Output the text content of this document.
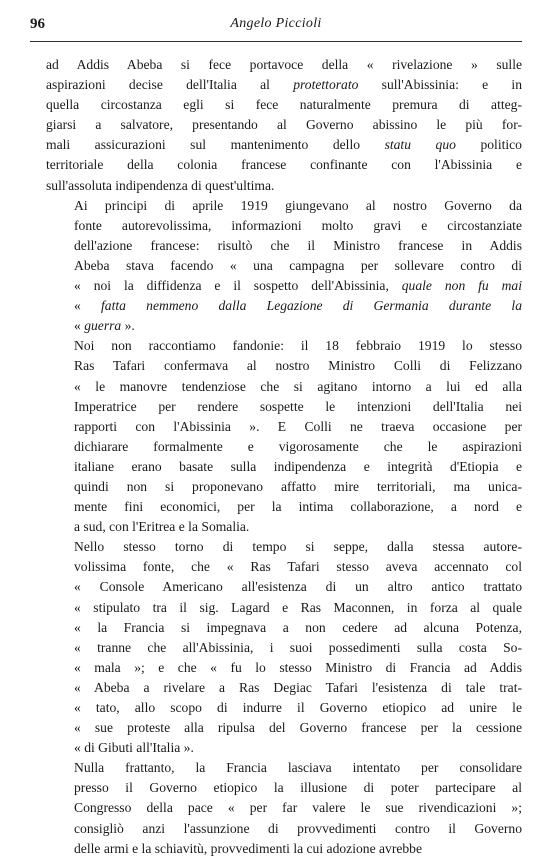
96	Angelo Piccioli
ad Addis Abeba si fece portavoce della « rivelazione » sulle
aspirazioni decise dell'Italia al protettorato sull'Abissinia: e in
quella circostanza egli si fece naturalmente premura di atteg-
giarsi a salvatore, presentando al Governo abissino le più for-
mali assicurazioni sul mantenimento dello statu quo politico
territoriale della colonia francese confinante con l'Abissinia e
sull'assoluta indipendenza di quest'ultima.
Ai principi di aprile 1919 giungevano al nostro Governo da
fonte autorevolissima, informazioni molto gravi e circostanziate
dell'azione francese: risultò che il Ministro francese in Addis
Abeba stava facendo « una campagna per sollevare contro di
« noi la diffidenza e il sospetto dell'Abissinia, quale non fu mai
« fatta nemmeno dalla Legazione di Germania durante la
« guerra ».
Noi non raccontiamo fandonie: il 18 febbraio 1919 lo stesso
Ras Tafari confermava al nostro Ministro Colli di Felizzano
« le manovre tendenziose che si agitano intorno a lui ed alla
Imperatrice per rendere sospette le intenzioni dell'Italia nei
rapporti con l'Abissinia ». E Colli ne traeva occasione per
dichiarare formalmente e vigorosamente che le aspirazioni
italiane erano basate sulla indipendenza e integrità d'Etiopia e
quindi non si proponevano affatto mire territoriali, ma unica-
mente fini economici, per la intima collaborazione, a nord e
a sud, con l'Eritrea e la Somalia.
Nello stesso torno di tempo si seppe, dalla stessa autore-
volissima fonte, che « Ras Tafari stesso aveva accennato col
« Console Americano all'esistenza di un altro antico trattato
« stipulato tra il sig. Lagard e Ras Maconnen, in forza al quale
« la Francia si impegnava a non cedere ad alcuna Potenza,
« tranne che all'Abissinia, i suoi possedimenti sulla costa So-
« mala »; e che « fu lo stesso Ministro di Francia ad Addis
« Abeba a rivelare a Ras Degiac Tafari l'esistenza di tale trat-
« tato, allo scopo di indurre il Governo etiopico ad unire le
« sue proteste alla ripulsa del Governo francese per la cessione
« di Gibuti all'Italia ».
Nulla frattanto, la Francia lasciava intentato per consolidare
presso il Governo etiopico la illusione di poter partecipare al
Congresso della pace « per far valere le sue rivendicazioni »;
consigliò anzi l'assunzione di provvedimenti contro il Governo
delle armi e la schiavitù, provvedimenti la cui adozione avrebbe
